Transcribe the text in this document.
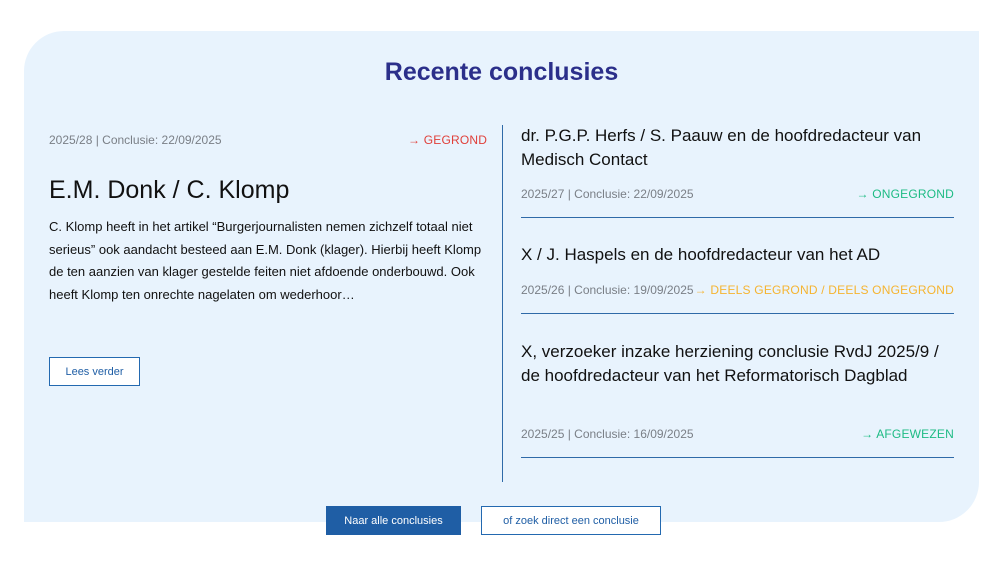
Recente conclusies
2025/28 | Conclusie: 22/09/2025	→ GEGROND
E.M. Donk / C. Klomp
C. Klomp heeft in het artikel “Burgerjournalisten nemen zichzelf totaal niet serieus” ook aandacht besteed aan E.M. Donk (klager). Hierbij heeft Klomp de ten aanzien van klager gestelde feiten niet afdoende onderbouwd. Ook heeft Klomp ten onrechte nagelaten om wederhoor…
Lees verder
dr. P.G.P. Herfs / S. Paauw en de hoofdredacteur van Medisch Contact
2025/27 | Conclusie: 22/09/2025	→ ONGEGROND
X / J. Haspels en de hoofdredacteur van het AD
2025/26 | Conclusie: 19/09/2025 → DEELS GEGROND / DEELS ONGEGROND
X, verzoeker inzake herziening conclusie RvdJ 2025/9 / de hoofdredacteur van het Reformatorisch Dagblad
2025/25 | Conclusie: 16/09/2025	→ AFGEWEZEN
Naar alle conclusies	of zoek direct een conclusie
